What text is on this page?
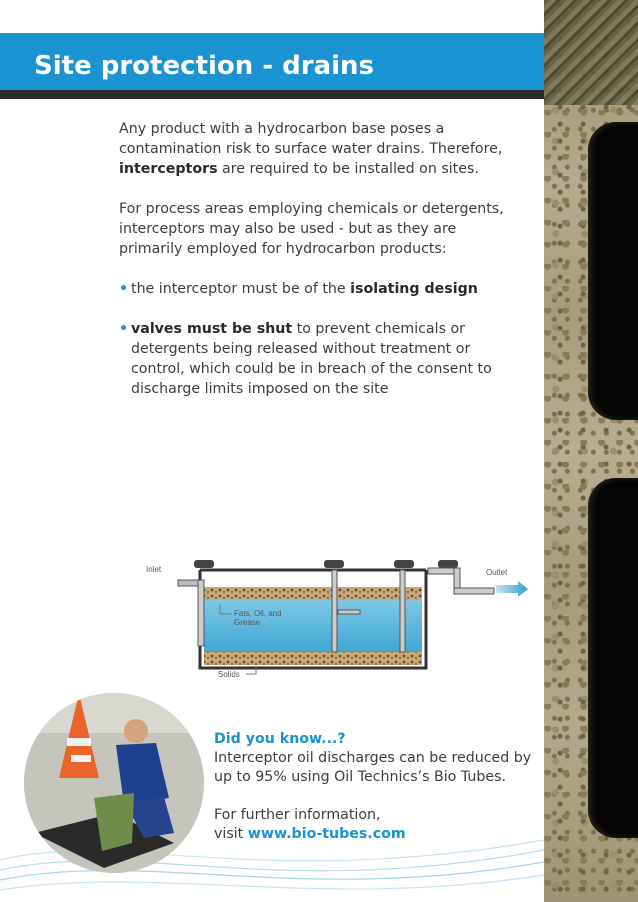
Site protection - drains

Any product with a hydrocarbon base poses a contamination risk to surface water drains. Therefore, interceptors are required to be installed on sites.

For process areas employing chemicals or detergents, interceptors may also be used - but as they are primarily employed for hydrocarbon products:

• the interceptor must be of the isolating design
• valves must be shut to prevent chemicals or detergents being released without treatment or control, which could be in breach of the consent to discharge limits imposed on the site
Inlet	Outlet
Fats, Oil, and
Grease
Solids

Did you know...?

Interceptor oil discharges can be reduced by up to 95% using Oil Technics’s Bio Tubes.

For further information,

visit www.bio-tubes.com
